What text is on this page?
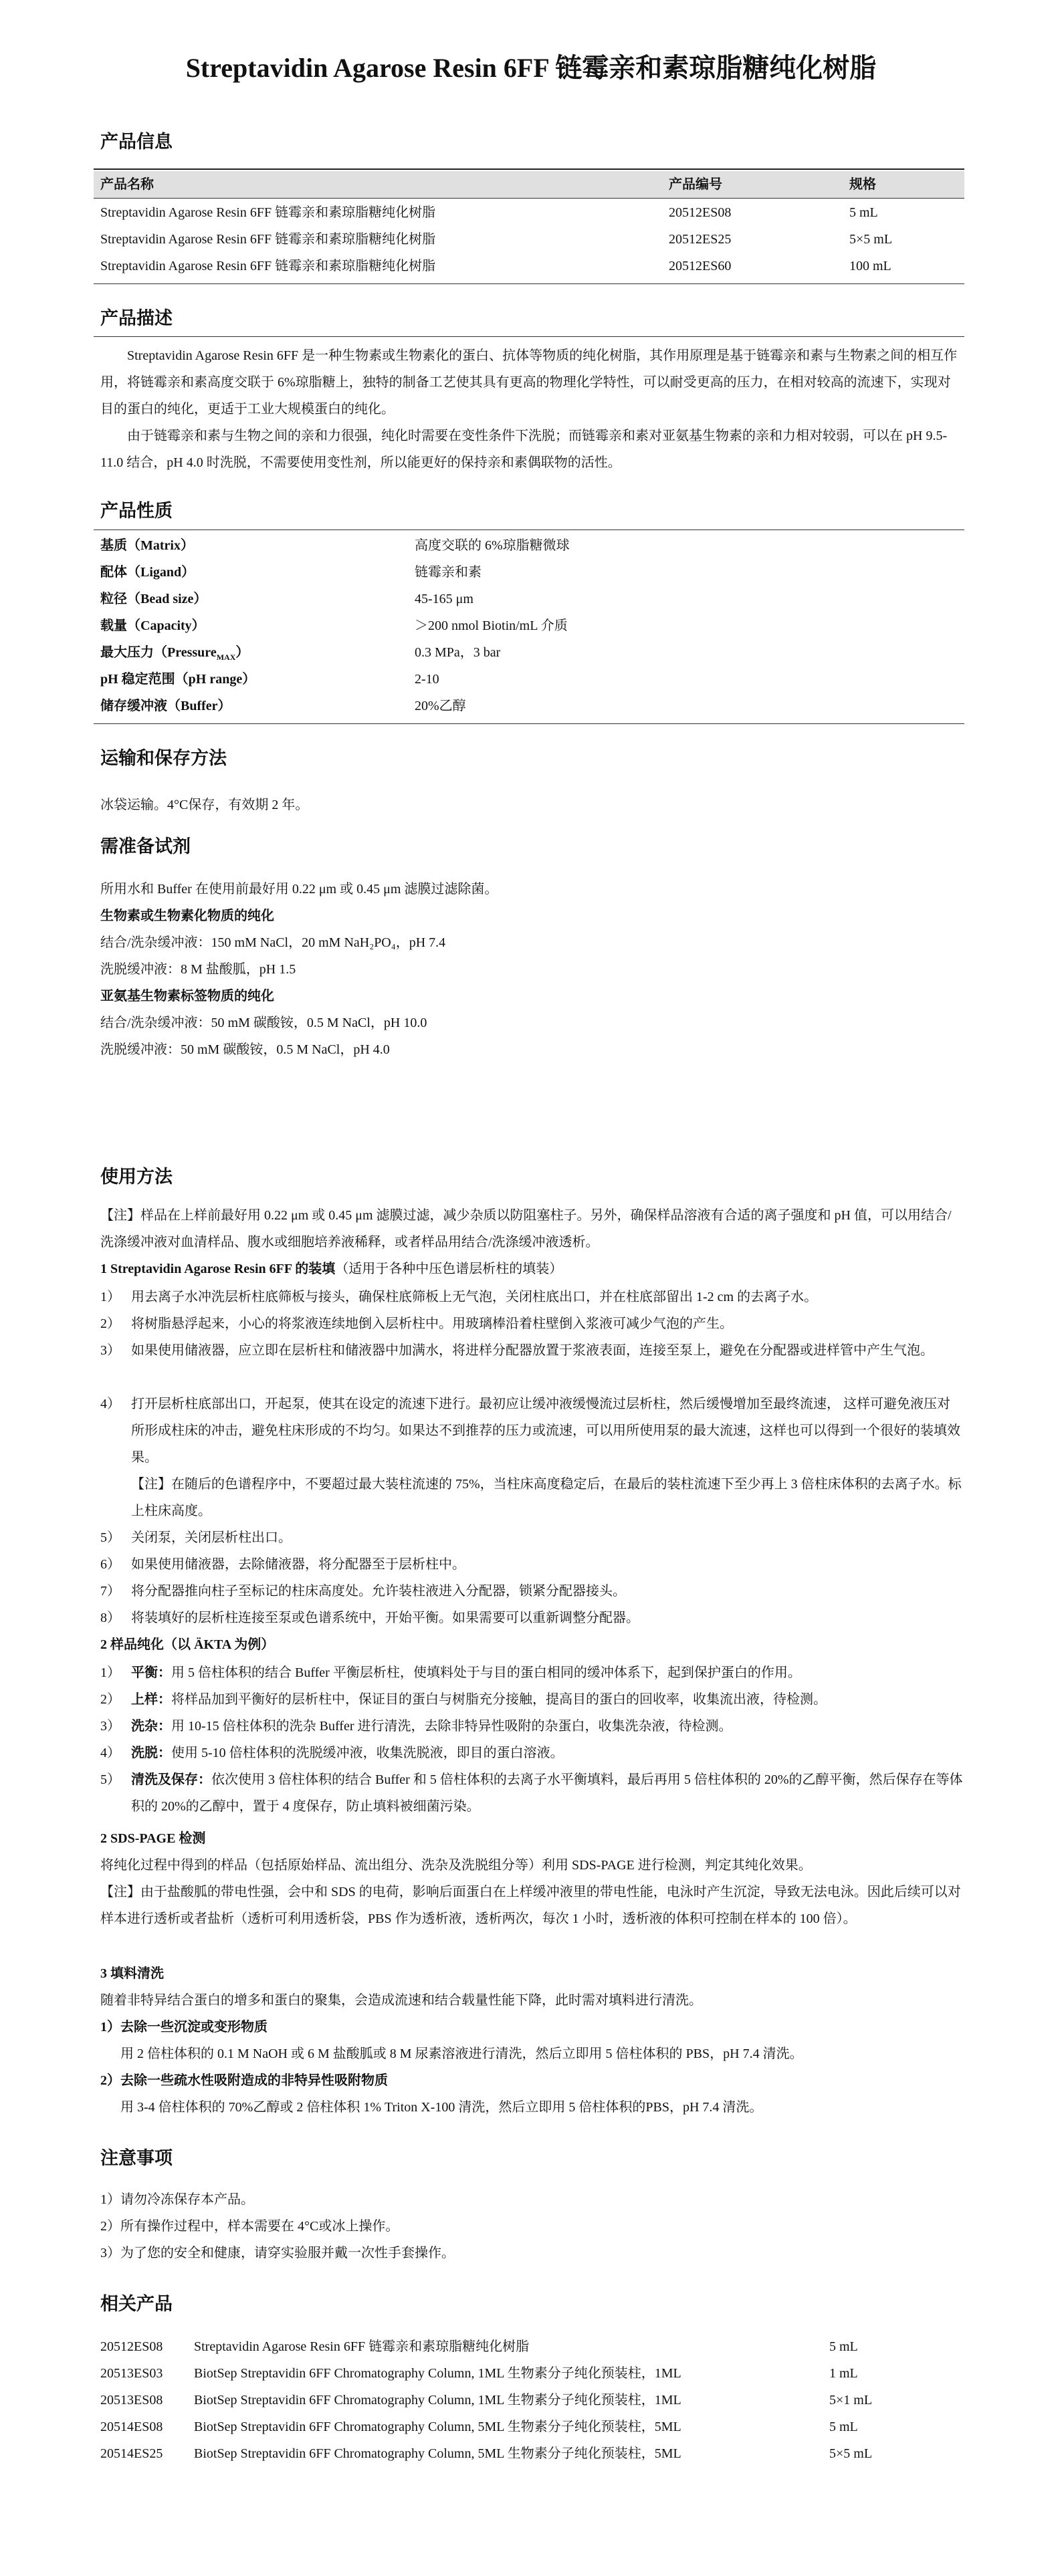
Streptavidin Agarose Resin 6FF 链霉亲和素琼脂糖纯化树脂
产品信息
产品名称	产品编号	规格
Streptavidin Agarose Resin 6FF 链霉亲和素琼脂糖纯化树脂	20512ES08	5 mL
Streptavidin Agarose Resin 6FF 链霉亲和素琼脂糖纯化树脂	20512ES25	5×5 mL
Streptavidin Agarose Resin 6FF 链霉亲和素琼脂糖纯化树脂	20512ES60	100 mL
产品描述

Streptavidin Agarose Resin 6FF 是一种生物素或生物素化的蛋白、抗体等物质的纯化树脂，其作用原理是基于链霉亲和素与生物素之间的相互作用，将链霉亲和素高度交联于 6%琼脂糖上，独特的制备工艺使其具有更高的物理化学特性，可以耐受更高的压力，在相对较高的流速下，实现对目的蛋白的纯化，更适于工业大规模蛋白的纯化。

由于链霉亲和素与生物之间的亲和力很强，纯化时需要在变性条件下洗脱；而链霉亲和素对亚氨基生物素的亲和力相对较弱，可以在 pH 9.5-11.0 结合，pH 4.0 时洗脱，不需要使用变性剂，所以能更好的保持亲和素偶联物的活性。

产品性质
基质（Matrix）	高度交联的 6%琼脂糖微球
配体（Ligand）	链霉亲和素
粒径（Bead size）	45-165 μm
载量（Capacity）	＞200 nmol Biotin/mL 介质
最大压力（Pressure$_{MAX}$）	0.3 MPa，3 bar
pH 稳定范围（pH range）	2-10
储存缓冲液（Buffer）	20%乙醇
运输和保存方法
冰袋运输。4°C保存，有效期 2 年。
需准备试剂
所用水和 Buffer 在使用前最好用 0.22 μm 或 0.45 μm 滤膜过滤除菌。
生物素或生物素化物质的纯化
结合/洗杂缓冲液：150 mM NaCl，20 mM NaH₂PO₄，pH 7.4
洗脱缓冲液：8 M 盐酸胍，pH 1.5
亚氨基生物素标签物质的纯化
结合/洗杂缓冲液：50 mM 碳酸铵，0.5 M NaCl，pH 10.0
洗脱缓冲液：50 mM 碳酸铵，0.5 M NaCl，pH 4.0
使用方法

【注】样品在上样前最好用 0.22 μm 或 0.45 μm 滤膜过滤，减少杂质以防阻塞柱子。另外，确保样品溶液有合适的离子强度和 pH 值，可以用结合/洗涤缓冲液对血清样品、腹水或细胞培养液稀释，或者样品用结合/洗涤缓冲液透析。

1 Streptavidin Agarose Resin 6FF 的装填（适用于各种中压色谱层析柱的填装）
1） 用去离子水冲洗层析柱底筛板与接头，确保柱底筛板上无气泡，关闭柱底出口，并在柱底部留出 1-2 cm 的去离子水。
2） 将树脂悬浮起来，小心的将浆液连续地倒入层析柱中。用玻璃棒沿着柱壁倒入浆液可减少气泡的产生。
3） 如果使用储液器，应立即在层析柱和储液器中加满水，将进样分配器放置于浆液表面，连接至泵上，避免在分配器或进样管中产生气泡。
4） 打开层析柱底部出口，开起泵，使其在设定的流速下进行。最初应让缓冲液缓慢流过层析柱，然后缓慢增加至最终流速， 这样可避免液压对所形成柱床的冲击，避免柱床形成的不均匀。如果达不到推荐的压力或流速，可以用所使用泵的最大流速，这样也可以得到一个很好的装填效果。

【注】在随后的色谱程序中，不要超过最大装柱流速的 75%，当柱床高度稳定后，在最后的装柱流速下至少再上 3 倍柱床体积的去离子水。标上柱床高度。

5） 关闭泵，关闭层析柱出口。
6） 如果使用储液器，去除储液器，将分配器至于层析柱中。
7） 将分配器推向柱子至标记的柱床高度处。允许装柱液进入分配器，锁紧分配器接头。
8） 将装填好的层析柱连接至泵或色谱系统中，开始平衡。如果需要可以重新调整分配器。
2 样品纯化（以 ÄKTA 为例）
1） 平衡：用 5 倍柱体积的结合 Buffer 平衡层析柱，使填料处于与目的蛋白相同的缓冲体系下，起到保护蛋白的作用。
2） 上样：将样品加到平衡好的层析柱中，保证目的蛋白与树脂充分接触，提高目的蛋白的回收率，收集流出液，待检测。
3） 洗杂：用 10-15 倍柱体积的洗杂 Buffer 进行清洗，去除非特异性吸附的杂蛋白，收集洗杂液，待检测。
4） 洗脱：使用 5-10 倍柱体积的洗脱缓冲液，收集洗脱液，即目的蛋白溶液。
5） 清洗及保存：依次使用 3 倍柱体积的结合 Buffer 和 5 倍柱体积的去离子水平衡填料，最后再用 5 倍柱体积的 20%的乙醇平衡，然后保存在等体积的 20%的乙醇中，置于 4 度保存，防止填料被细菌污染。
2 SDS-PAGE 检测
将纯化过程中得到的样品（包括原始样品、流出组分、洗杂及洗脱组分等）利用 SDS-PAGE 进行检测，判定其纯化效果。

【注】由于盐酸胍的带电性强，会中和 SDS 的电荷，影响后面蛋白在上样缓冲液里的带电性能，电泳时产生沉淀，导致无法电泳。因此后续可以对样本进行透析或者盐析（透析可利用透析袋，PBS 作为透析液，透析两次，每次 1 小时，透析液的体积可控制在样本的 100 倍）。

3 填料清洗
随着非特异结合蛋白的增多和蛋白的聚集，会造成流速和结合载量性能下降，此时需对填料进行清洗。
1）去除一些沉淀或变形物质
用 2 倍柱体积的 0.1 M NaOH 或 6 M 盐酸胍或 8 M 尿素溶液进行清洗，然后立即用 5 倍柱体积的 PBS，pH 7.4 清洗。
2）去除一些疏水性吸附造成的非特异性吸附物质
用 3-4 倍柱体积的 70%乙醇或 2 倍柱体积 1% Triton X-100 清洗，然后立即用 5 倍柱体积的PBS，pH 7.4 清洗。
注意事项
1）请勿冷冻保存本产品。
2）所有操作过程中，样本需要在 4°C或冰上操作。
3）为了您的安全和健康，请穿实验服并戴一次性手套操作。
相关产品
20512ES08 Streptavidin Agarose Resin 6FF 链霉亲和素琼脂糖纯化树脂	5 mL
20513ES03 BiotSep Streptavidin 6FF Chromatography Column, 1ML 生物素分子纯化预装柱，1ML	1 mL
20513ES08 BiotSep Streptavidin 6FF Chromatography Column, 1ML 生物素分子纯化预装柱，1ML	5×1 mL
20514ES08 BiotSep Streptavidin 6FF Chromatography Column, 5ML 生物素分子纯化预装柱，5ML	5 mL
20514ES25 BiotSep Streptavidin 6FF Chromatography Column, 5ML 生物素分子纯化预装柱，5ML	5×5 mL
